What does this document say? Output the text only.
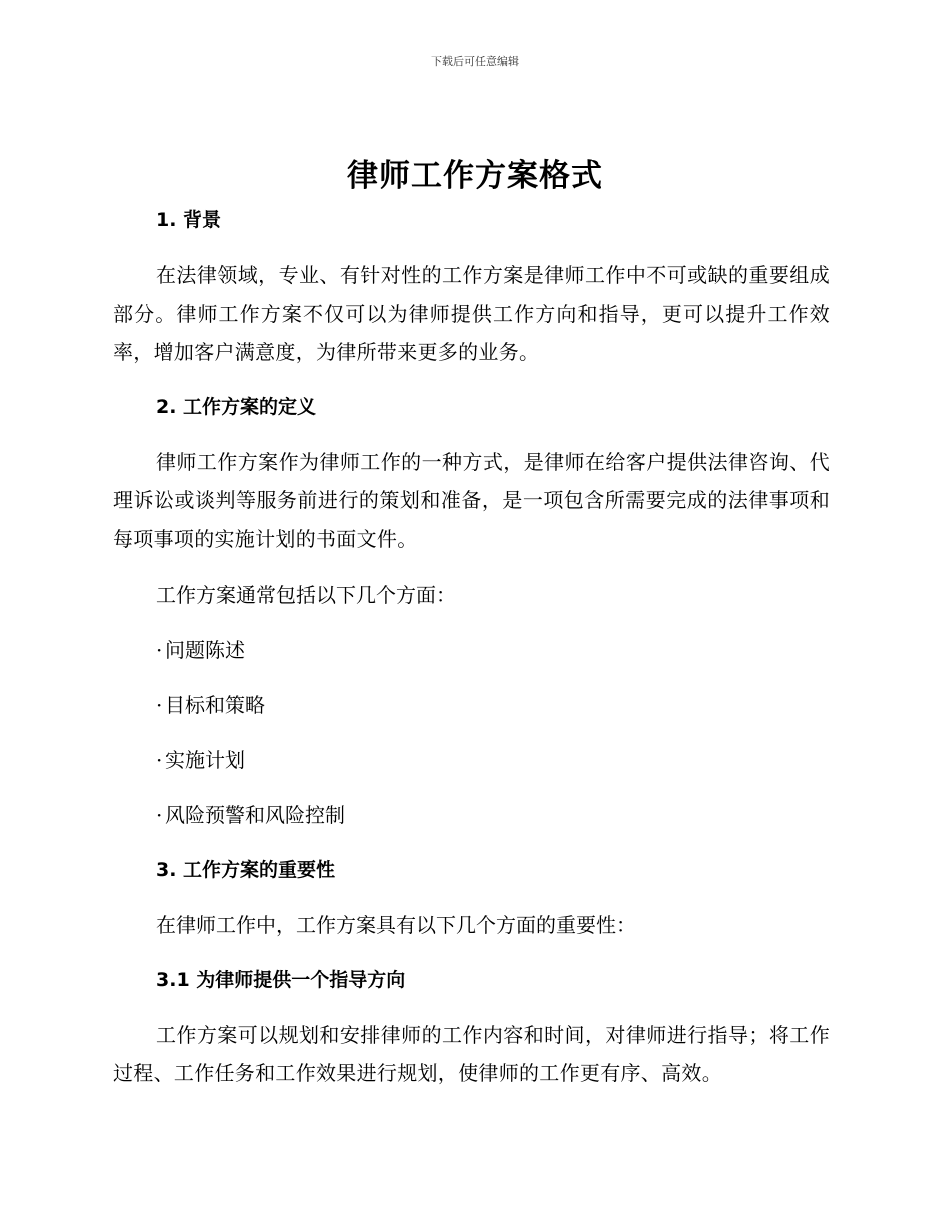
下载后可任意编辑
律师工作方案格式
1. 背景

在法律领域，专业、有针对性的工作方案是律师工作中不可或缺的重要组成部分。律师工作方案不仅可以为律师提供工作方向和指导，更可以提升工作效率，增加客户满意度，为律所带来更多的业务。

2. 工作方案的定义

律师工作方案作为律师工作的一种方式，是律师在给客户提供法律咨询、代理诉讼或谈判等服务前进行的策划和准备，是一项包含所需要完成的法律事项和每项事项的实施计划的书面文件。

工作方案通常包括以下几个方面：
· 问题陈述
· 目标和策略
· 实施计划
· 风险预警和风险控制
3. 工作方案的重要性
在律师工作中，工作方案具有以下几个方面的重要性：
3.1 为律师提供一个指导方向

工作方案可以规划和安排律师的工作内容和时间，对律师进行指导；将工作过程、工作任务和工作效果进行规划，使律师的工作更有序、高效。
